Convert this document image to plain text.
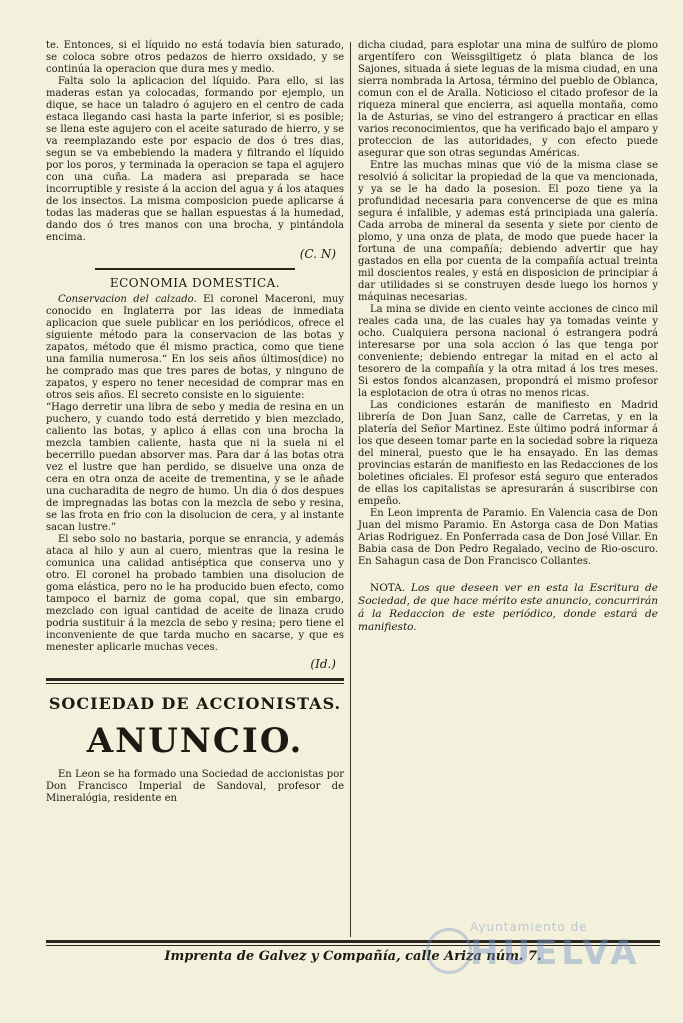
te. Entonces, si el líquido no está todavía bien saturado, se coloca sobre otros pedazos de hierro oxsidado, y se continúa la operacion que dura mes y medio.

Falta solo la aplicacion del líquido. Para ello, si las maderas estan ya colocadas, formando por ejemplo, un dique, se hace un taladro ó agujero en el centro de cada estaca llegando casi hasta la parte inferior, si es posible; se llena este agujero con el aceite saturado de hierro, y se va reemplazando este por espacio de dos ó tres dias, segun se va embebiendo la madera y filtrando el líquido por los poros, y terminada la operacion se tapa el agujero con una cuña. La madera asi preparada se hace incorruptible y resiste á la accion del agua y á los ataques de los insectos. La misma composicion puede aplicarse á todas las maderas que se hallan espuestas á la humedad, dando dos ó tres manos con una brocha, y pintándola encima.

(C. N)

ECONOMIA DOMESTICA.

Conservacion del calzado. El coronel Maceroni, muy conocido en Inglaterra por las ideas de inmediata aplicacion que suele publicar en los periódicos, ofrece el siguiente método para la conservacion de las botas y zapatos, método que él mismo practica, como que tiene una familia numerosa.“ En los seis años últimos(dice) no he comprado mas que tres pares de botas, y ninguno de zapatos, y espero no tener necesidad de comprar mas en otros seis años. El secreto consiste en lo siguiente:

“Hago derretir una libra de sebo y media de resina en un puchero, y cuando todo está derretido y bien mezclado, caliento las botas, y aplico á ellas con una brocha la mezcla tambien caliente, hasta que ni la suela ni el becerrillo puedan absorver mas. Para dar á las botas otra vez el lustre que han perdido, se disuelve una onza de cera en otra onza de aceite de trementina, y se le añade una cucharadita de negro de humo. Un dia ó dos despues de impregnadas las botas con la mezcla de sebo y resina, se las frota en frio con la disolucion de cera, y al instante sacan lustre.”

El sebo solo no bastaria, porque se enrancia, y además ataca al hilo y aun al cuero, mientras que la resina le comunica una calidad antiséptica que conserva uno y otro. El coronel ha probado tambien una disolucion de goma elástica, pero no le ha producido buen efecto, como tampoco el barniz de goma copal, que sin embargo, mezclado con igual cantidad de aceite de linaza crudo podria sustituir á la mezcla de sebo y resina; pero tiene el inconveniente de que tarda mucho en sacarse, y que es menester aplicarle muchas veces.

(Id.)

SOCIEDAD DE ACCIONISTAS.
ANUNCIO.

En Leon se ha formado una Sociedad de accionistas por Don Francisco Imperial de Sandoval, profesor de Mineralógia, residente en

dicha ciudad, para esplotar una mina de sulfúro de plomo argentífero con Weissgiltigetz ó plata blanca de los Sajones, situada á siete leguas de la misma ciudad, en una sierra nombrada la Artosa, término del pueblo de Oblanca, comun con el de Aralla. Noticioso el citado profesor de la riqueza mineral que encierra, asi aquella montaña, como la de Asturias, se vino del estrangero á practicar en ellas varios reconocimientos, que ha verificado bajo el amparo y proteccion de las autoridades, y con efecto puede asegurar que son otras segundas Américas.

Entre las muchas minas que vió de la misma clase se resolvió á solicitar la propiedad de la que va mencionada, y ya se le ha dado la posesion. El pozo tiene ya la profundidad necesaria para convencerse de que es mina segura é infalible, y ademas está principiada una galería. Cada arroba de mineral da sesenta y siete por ciento de plomo, y una onza de plata, de modo que puede hacer la fortuna de una compañía; debiendo advertir que hay gastados en ella por cuenta de la compañía actual treinta mil doscientos reales, y está en disposicion de principiar á dar utilidades si se construyen desde luego los hornos y máquinas necesarias.

La mina se divide en ciento veinte acciones de cinco mil reales cada una, de las cuales hay ya tomadas veinte y ocho. Cualquiera persona nacional ó estrangera podrá interesarse por una sola accion ó las que tenga por conveniente; debiendo entregar la mitad en el acto al tesorero de la compañía y la otra mitad á los tres meses. Si estos fondos alcanzasen, propondrá el mismo profesor la esplotacion de otra ú otras no menos ricas.

Las condiciones estarán de manifiesto en Madrid librería de Don Juan Sanz, calle de Carretas, y en la platería del Señor Martinez. Este último podrá informar á los que deseen tomar parte en la sociedad sobre la riqueza del mineral, puesto que le ha ensayado. En las demas provincias estarán de manifiesto en las Redacciones de los boletines oficiales. El profesor está seguro que enterados de ellas los capitalistas se apresurarán á suscribirse con empeño.

En Leon imprenta de Paramio. En Valencia casa de Don Juan del mismo Paramio. En Astorga casa de Don Matias Arias Rodriguez. En Ponferrada casa de Don José Villar. En Babia casa de Don Pedro Regalado, vecino de Rio-oscuro. En Sahagun casa de Don Francisco Collantes.

NOTA. Los que deseen ver en esta la Escritura de Sociedad, de que hace mérito este anuncio, concurrirán á la Redaccion de este periódico, donde estará de manifiesto.

Imprenta de Galvez y Compañía, calle Ariza núm. 7.
Ayuntamiento de
HUELVA
